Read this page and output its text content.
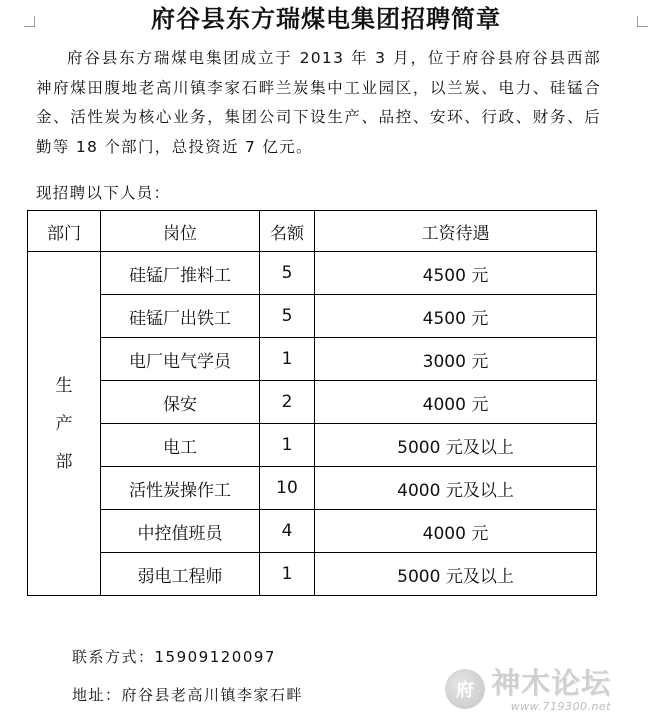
府谷县东方瑞煤电集团招聘简章

府谷县东方瑞煤电集团成立于 2013 年 3 月，位于府谷县府谷县西部神府煤田腹地老高川镇李家石畔兰炭集中工业园区，以兰炭、电力、硅锰合金、活性炭为核心业务，集团公司下设生产、品控、安环、行政、财务、后勤等 18 个部门，总投资近 7 亿元。

现招聘以下人员：
部门	岗位	名额	工资待遇

生
产
部	硅锰厂推料工	5	4500 元
	硅锰厂出铁工	5	4500 元
	电厂电气学员	1	3000 元
	保安	2	4000 元
	电工	1	5000 元及以上
	活性炭操作工	10	4000 元及以上
	中控值班员	4	4000 元
	弱电工程师	1	5000 元及以上
联系方式：15909120097
地址：府谷县老高川镇李家石畔	府 神木论坛
www.719300.net
